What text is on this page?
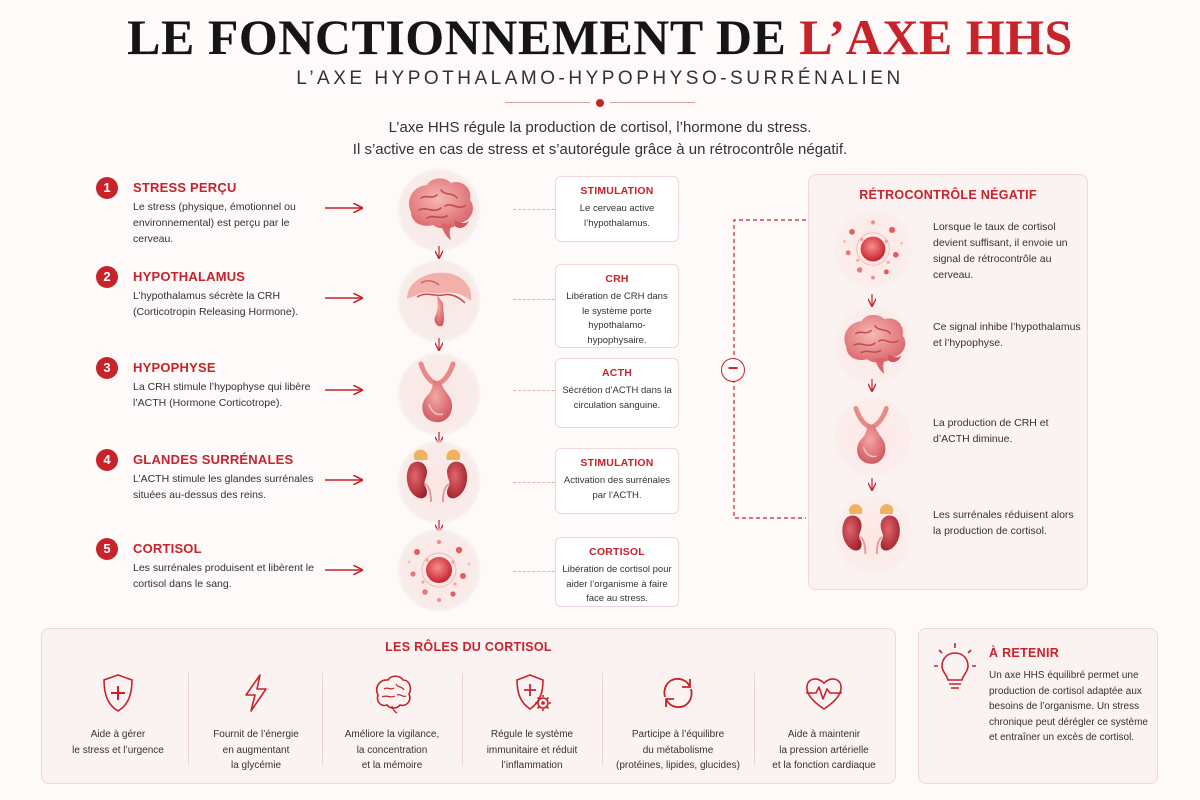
LE FONCTIONNEMENT DE L’AXE HHS
L’AXE HYPOTHALAMO-HYPOPHYSO-SURRÉNALIEN
L’axe HHS régule la production de cortisol, l’hormone du stress.
Il s’active en cas de stress et s’autorégule grâce à un rétrocontrôle négatif.
1	STRESS PERÇU
Le stress (physique, émotionnel ou environnemental) est perçu par le cerveau.
STIMULATION
Le cerveau active l’hypothalamus.
2	HYPOTHALAMUS
L’hypothalamus sécrète la CRH (Corticotropin Releasing Hormone).
CRH
Libération de CRH dans le système porte hypothalamo-hypophysaire.
3	HYPOPHYSE
La CRH stimule l’hypophyse qui libère l’ACTH (Hormone Corticotrope).
ACTH
Sécrétion d’ACTH dans la circulation sanguine.
4	GLANDES SURRÉNALES
L’ACTH stimule les glandes surrénales situées au-dessus des reins.
STIMULATION
Activation des surrénales par l’ACTH.
5	CORTISOL
Les surrénales produisent et libèrent le cortisol dans le sang.
CORTISOL
Libération de cortisol pour aider l’organisme à faire face au stress.
−
RÉTROCONTRÔLE NÉGATIF
Lorsque le taux de cortisol devient suffisant, il envoie un signal de rétrocontrôle au cerveau.
Ce signal inhibe l’hypothalamus et l’hypophyse.
La production de CRH et d’ACTH diminue.
Les surrénales réduisent alors la production de cortisol.
LES RÔLES DU CORTISOL
Aide à gérer
le stress et l’urgence
Fournit de l’énergie
en augmentant
la glycémie
Améliore la vigilance,
la concentration
et la mémoire
Régule le système
immunitaire et réduit
l’inflammation
Participe à l’équilibre
du métabolisme
(protéines, lipides, glucides)
Aide à maintenir
la pression artérielle
et la fonction cardiaque
À RETENIR
Un axe HHS équilibré permet une production de cortisol adaptée aux besoins de l’organisme. Un stress chronique peut dérégler ce système et entraîner un excès de cortisol.
